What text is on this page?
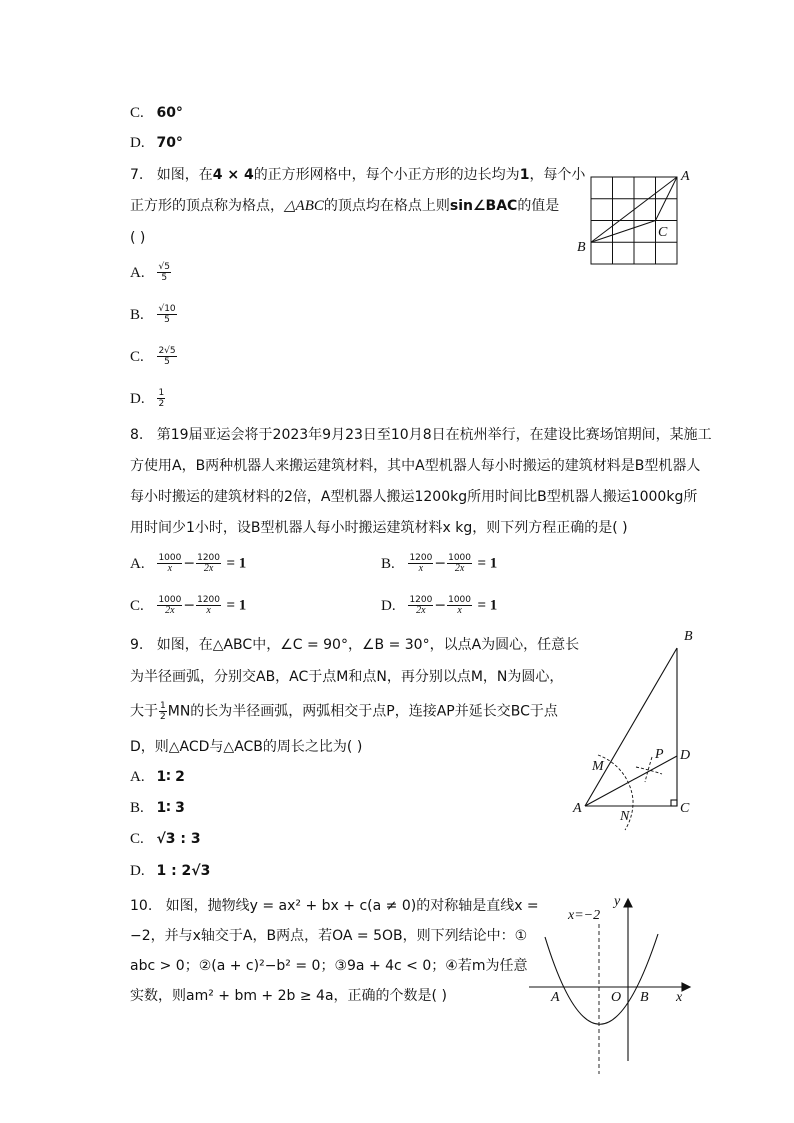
C. 60°
D. 70°
7. 如图，在4 × 4的正方形网格中，每个小正方形的边长均为1，每个小
正方形的顶点称为格点，△ABC的顶点均在格点上则sin∠BAC的值是
( )
A. $\frac{√5}{5}$
B. $\frac{√10}{5}$
C. $\frac{2√5}{5}$
D. $\frac{1}{2}$
A
B
C
8. 第19届亚运会将于2023年9月23日至10月8日在杭州举行，在建设比赛场馆期间，某施工
方使用A，B两种机器人来搬运建筑材料，其中A型机器人每小时搬运的建筑材料是B型机器人
每小时搬运的建筑材料的2倍，A型机器人搬运1200kg所用时间比B型机器人搬运1000kg所
用时间少1小时，设B型机器人每小时搬运建筑材料x kg，则下列方程正确的是( )
A. $\frac{1000}{x} - \frac{1200}{2x} = 1$	B. $\frac{1200}{x} - \frac{1000}{2x} = 1$
C. $\frac{1000}{2x} - \frac{1200}{x} = 1$	D. $\frac{1200}{2x} - \frac{1000}{x} = 1$
9. 如图，在△ABC中，∠C = 90°，∠B = 30°，以点A为圆心，任意长
为半径画弧，分别交AB，AC于点M和点N，再分别以点M，N为圆心，
大于 $\frac{1}{2}$ MN的长为半径画弧，两弧相交于点P，连接AP并延长交BC于点
D，则△ACD与△ACB的周长之比为( )
A. 1∶ 2
B. 1∶ 3
C. √3 : 3
D. 1 : 2√3
B
D
C
A
M
N
P
10. 如图，抛物线y = ax² + bx + c(a ≠ 0)的对称轴是直线x =
−2，并与x轴交于A，B两点，若OA = 5OB，则下列结论中：①
abc > 0；②(a + c)²−b² = 0；③9a + 4c < 0；④若m为任意
实数，则am² + bm + 2b ≥ 4a，正确的个数是( )
x=−2
y
x
O
A	B
